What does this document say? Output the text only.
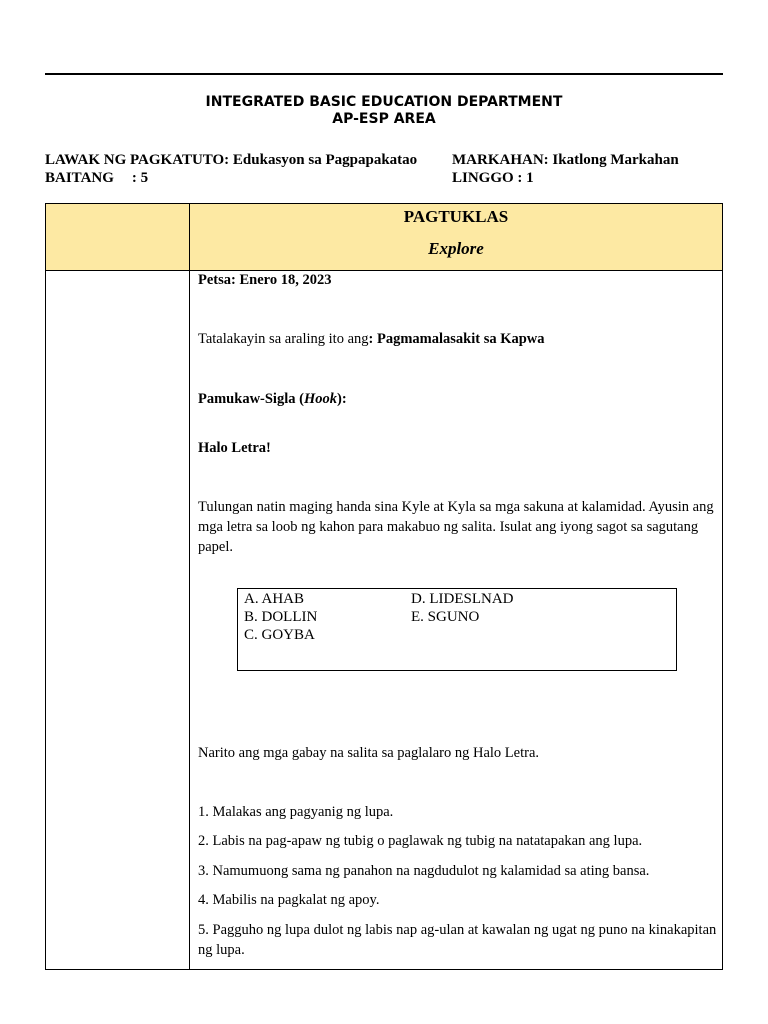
INTEGRATED BASIC EDUCATION DEPARTMENT
AP-ESP AREA
LAWAK NG PAGKATUTO: Edukasyon sa Pagpapakatao
BAITANG : 5
MARKAHAN: Ikatlong Markahan
LINGGO : 1
PAGTUKLAS
Explore
Petsa: Enero 18, 2023
Tatalakayin sa araling ito ang: Pagmamalasakit sa Kapwa
Pamukaw-Sigla (Hook):
Halo Letra!
Tulungan natin maging handa sina Kyle at Kyla sa mga sakuna at kalamidad. Ayusin ang mga letra sa loob ng kahon para makabuo ng salita. Isulat ang iyong sagot sa sagutang papel.
A. AHAB
B. DOLLIN
C. GOYBA
D. LIDESLNAD
E. SGUNO
Narito ang mga gabay na salita sa paglalaro ng Halo Letra.
1. Malakas ang pagyanig ng lupa.
2. Labis na pag-apaw ng tubig o paglawak ng tubig na natatapakan ang lupa.
3. Namumuong sama ng panahon na nagdudulot ng kalamidad sa ating bansa.
4. Mabilis na pagkalat ng apoy.
5. Pagguho ng lupa dulot ng labis nap ag-ulan at kawalan ng ugat ng puno na kinakapitan ng lupa.
